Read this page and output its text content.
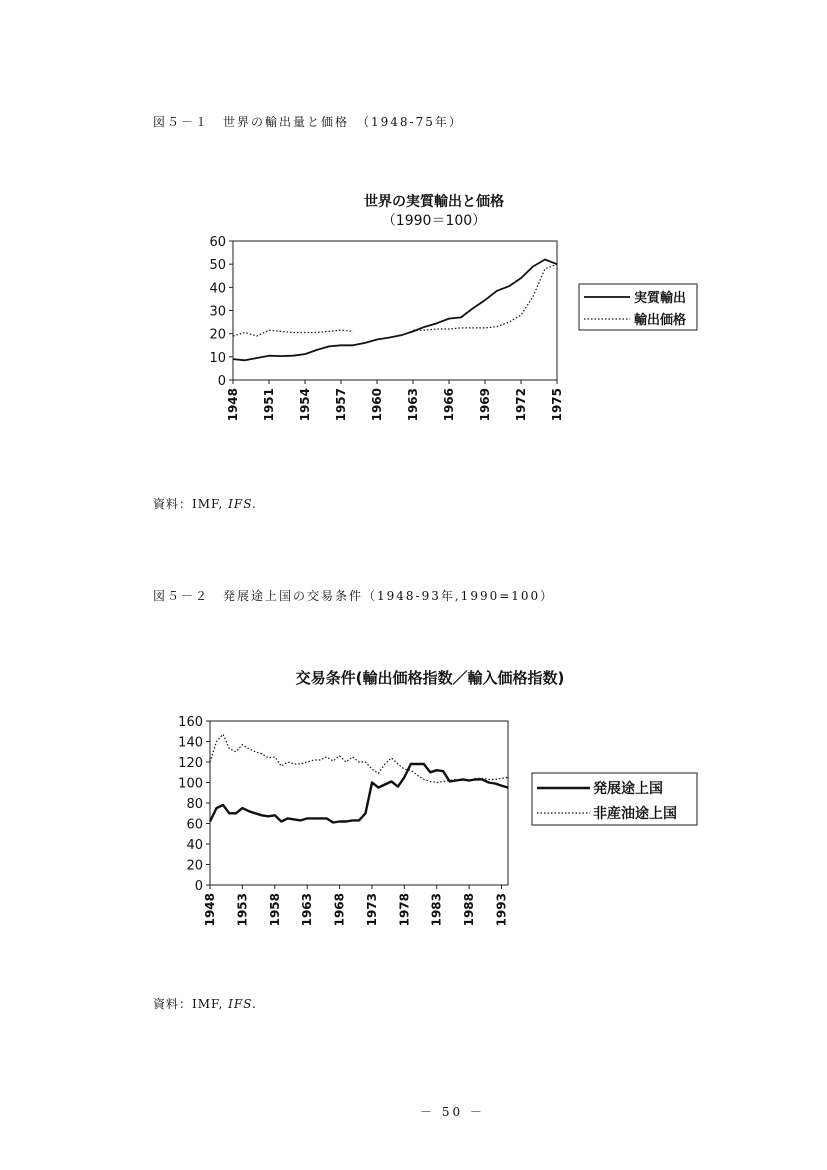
図５－１　世界の輸出量と価格　（1948-75年）
世界の実質輸出と価格
（1990＝100）
0
10
20
30
40
50
60
1948 1951 1954 1957 1960 1963 1966 1969 1972 1975
実質輸出
輸出価格
交易条件(輸出価格指数／輸入価格指数)
0
20
40
60
80
100
120
140
160
1948 1953 1958 1963 1968 1973 1978 1983 1988 1993
発展途上国
非産油途上国
資料：IMF, IFS.
図５－２　発展途上国の交易条件（1948-93年,1990=100）
資料：IMF, IFS.
－ 50 －
